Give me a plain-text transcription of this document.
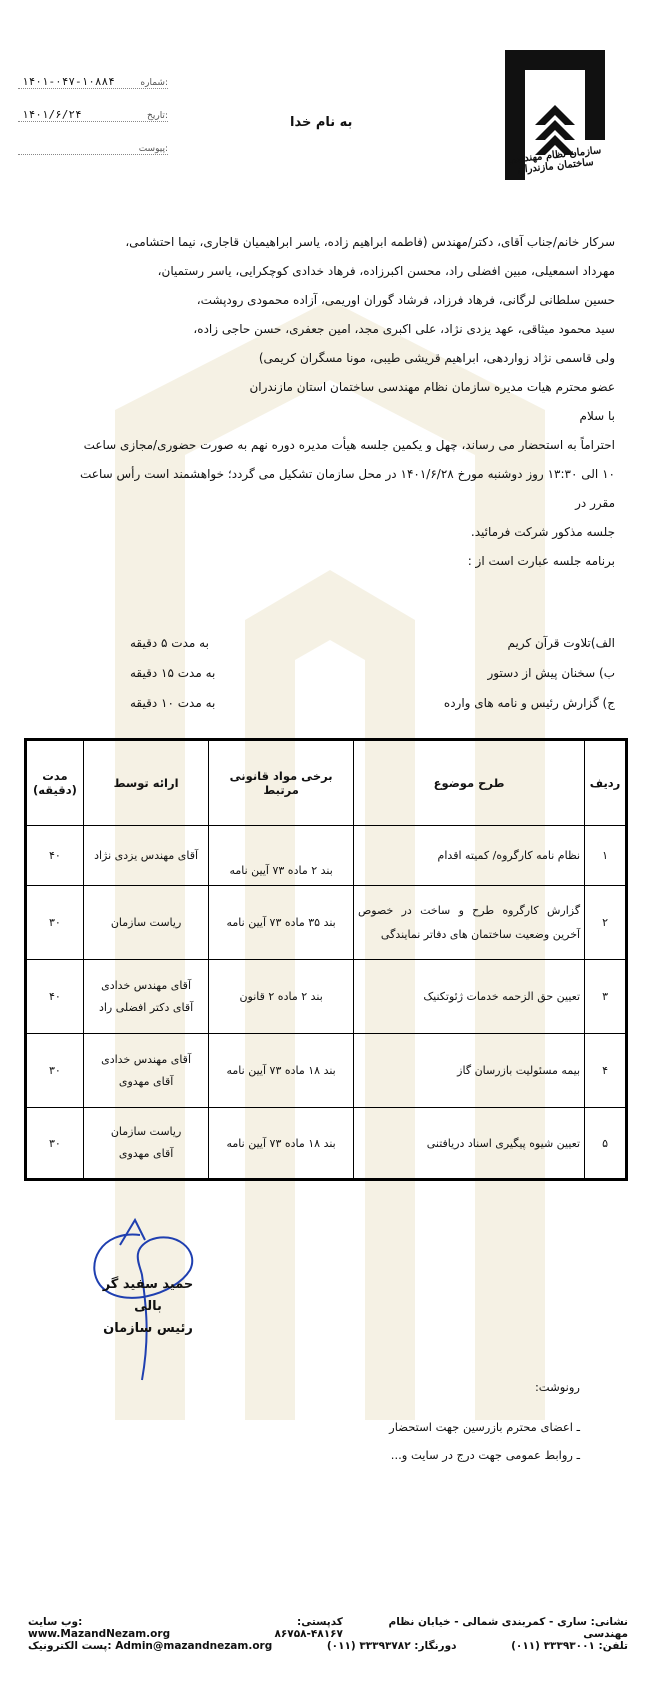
۱۴۰۱-۰۴۷-۱۰۸۸۴	شماره:
۱۴۰۱/۶/۲۴	تاریخ:
پیوست:
به نام خدا
سازمان نظام مهندسی ساختمان مازندران
سرکار خانم/جناب آقای، دکتر/مهندس (فاطمه ابراهیم زاده، یاسر ابراهیمیان قاجاری، نیما احتشامی،
مهرداد اسمعیلی، مبین افضلی راد، محسن اکبرزاده، فرهاد خدادی کوچکرایی، یاسر رستمیان،
حسین سلطانی لرگانی، فرهاد فرزاد، فرشاد گوران اوریمی، آزاده محمودی رودپشت،
سید محمود میثاقی، عهد یزدی نژاد، علی اکبری مجد، امین جعفری، حسن حاجی زاده،
ولی قاسمی نژاد زواردهی، ابراهیم قریشی طیبی، مونا مسگران کریمی)
عضو محترم هیات مدیره سازمان نظام مهندسی ساختمان استان مازندران
با سلام
احتراماً به استحضار می رساند، چهل و یکمین جلسه هیأت مدیره دوره نهم به صورت حضوری/مجازی ساعت
۱۰ الی ۱۳:۳۰ روز دوشنبه مورخ ۱۴۰۱/۶/۲۸ در محل سازمان تشکیل می گردد؛ خواهشمند است رأس ساعت مقرر در
جلسه مذکور شرکت فرمائید.
برنامه جلسه عبارت است از :
الف)تلاوت قرآن کریم
به مدت ۵ دقیقه
ب) سخنان پیش از دستور
به مدت ۱۵ دقیقه
ج) گزارش رئیس و نامه های وارده
به مدت ۱۰ دقیقه
ردیف	طرح موضوع	برخی مواد قانونی مرتبط	ارائه توسط	مدت
(دقیقه)

۱	نظام نامه کارگروه/ کمیته اقدام	بند ۲ ماده ۷۳ آیین نامه	آقای مهندس یزدی نژاد	۴۰
۲	گزارش کارگروه طرح و ساخت در خصوص آخرین وضعیت ساختمان های دفاتر نمایندگی	بند ۳۵ ماده ۷۳ آیین نامه	ریاست سازمان	۳۰
۳	تعیین حق الزحمه خدمات ژئوتکنیک	بند ۲ ماده ۲ قانون	آقای مهندس خدادی
آقای دکتر افضلی راد	۴۰
۴	بیمه مسئولیت بازرسان گاز	بند ۱۸ ماده ۷۳ آیین نامه	آقای مهندس خدادی
آقای مهدوی	۳۰
۵	تعیین شیوه پیگیری اسناد دریافتنی	بند ۱۸ ماده ۷۳ آیین نامه	ریاست سازمان
آقای مهدوی	۳۰
حمید سفید گر بالی
رئیس سازمان
رونوشت:
ـ اعضای محترم بازرسین جهت استحضار
ـ روابط عمومی جهت درج در سایت و...
وب سایت: www.MazandNezam.org
کدپستی: ۴۸۱۶۷-۸۶۷۵۸
نشانی: ساری - کمربندی شمالی - خیابان نظام مهندسی
پست الکترونیک: Admin@mazandnezam.org	دورنگار: ۳۳۳۹۳۷۸۲ (۰۱۱)	تلفن: ۳۳۳۹۳۰۰۱ (۰۱۱)
